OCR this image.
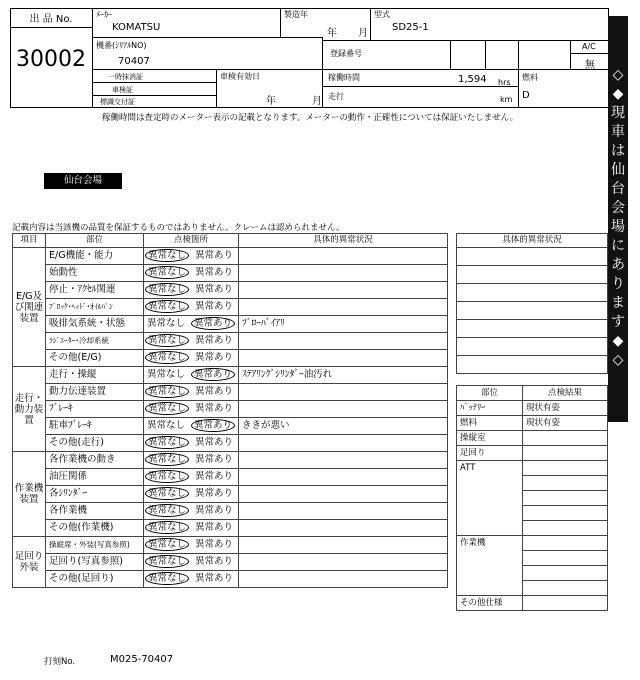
出 品 No.
30002
ﾒｰｶｰ
KOMATSU
製造年
年 月
型式
SD25-1
機番(ｼﾘｱﾙNO)
70407
登録番号
A/C
無
一時抹消証
車検証
標識交付証
車検有効日
年	月
稼働時間	1,594 hrs
走行	km
燃料
D
稼働時間は査定時のメーター表示の記載となります。メーターの動作・正確性については保証いたしません。
仙台会場
記載内容は当該機の品質を保証するものではありません。クレームは認められません。
◇◆現車は仙台会場にあります◆◇
項目	部位	点検箇所	具体的異常状況
E/G及び関連装置	E/G機能・能力	異常なし 異常あり	
	始動性	異常なし 異常あり	
	停止・ｱｸｾﾙ関連	異常なし 異常あり	
	ﾌﾞﾛｯｸ･ﾍｯﾄﾞ･ｵｲﾙﾊﾟﾝ	異常なし 異常あり	
	吸排気系統・状態	異常なし 異常あり	ﾌﾞﾛｰﾊﾞｲｱﾘ
	ﾗｼﾞｴｰﾀｰ･冷却系統	異常なし 異常あり	
	その他(E/G)	異常なし 異常あり	
走行・動力装置	走行・操縦	異常なし 異常あり	ｽﾃｱﾘﾝｸﾞｼﾘﾝﾀﾞｰ油汚れ
	動力伝達装置	異常なし 異常あり	
	ﾌﾞﾚｰｷ	異常なし 異常あり	
	駐車ﾌﾞﾚｰｷ	異常なし 異常あり	ききが悪い
	その他(走行)	異常なし 異常あり	
作業機装置	各作業機の動き	異常なし 異常あり	
	油圧関係	異常なし 異常あり	
	各ｼﾘﾝﾀﾞｰ	異常なし 異常あり	
	各作業機	異常なし 異常あり	
	その他(作業機)	異常なし 異常あり	
足回り外装	操縦席・外装(写真参照)	異常なし 異常あり	
	足回り(写真参照)	異常なし 異常あり	
	その他(足回り)	異常なし 異常あり	
具体的異常状況

部位	点検結果
ﾊﾞｯﾃﾘｰ	現状有姿
燃料	現状有姿
操縦室	
足回り	
ATT	

作業機	

その他仕様	
打刻No.	M025-70407
